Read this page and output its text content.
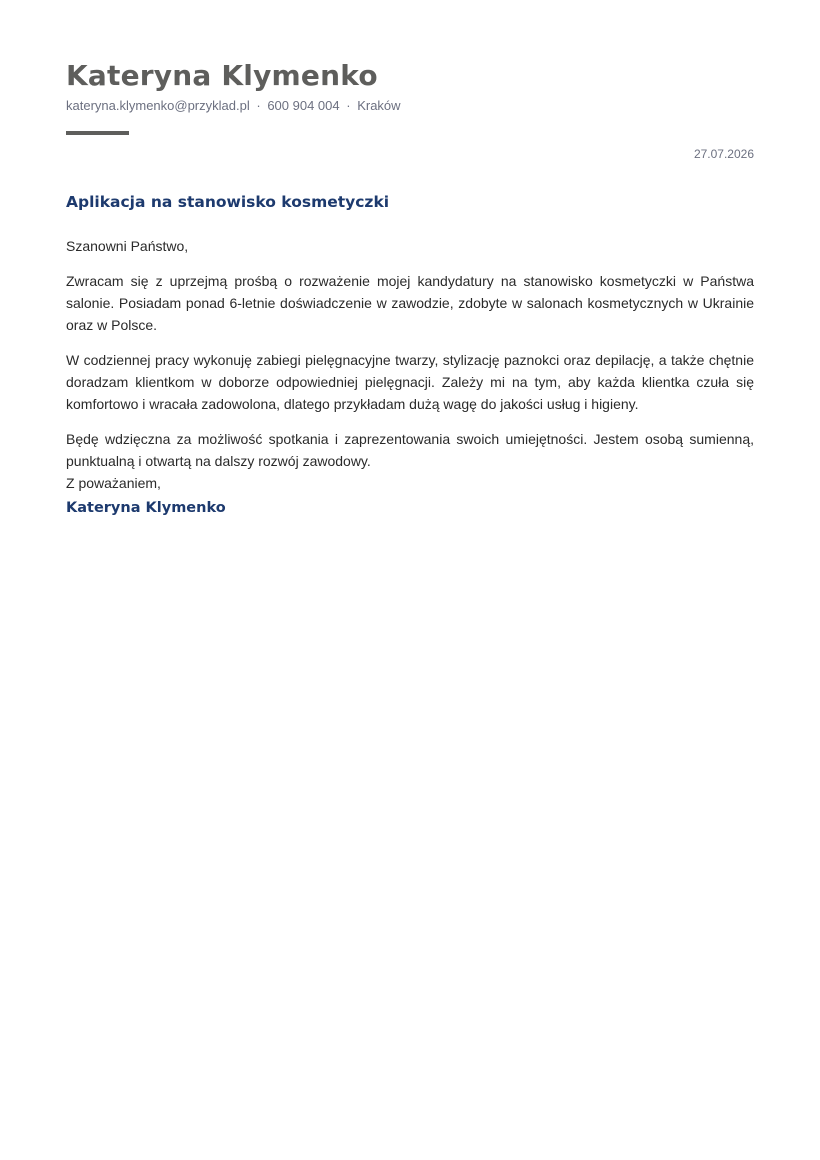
Kateryna Klymenko
kateryna.klymenko@przyklad.pl · 600 904 004 · Kraków
27.07.2026
Aplikacja na stanowisko kosmetyczki

Szanowni Państwo,

Zwracam się z uprzejmą prośbą o rozważenie mojej kandydatury na stanowisko kosmetyczki w Państwa salonie. Posiadam ponad 6-letnie doświadczenie w zawodzie, zdobyte w salonach kosmetycznych w Ukrainie oraz w Polsce.

W codziennej pracy wykonuję zabiegi pielęgnacyjne twarzy, stylizację paznokci oraz depilację, a także chętnie doradzam klientkom w doborze odpowiedniej pielęgnacji. Zależy mi na tym, aby każda klientka czuła się komfortowo i wracała zadowolona, dlatego przykładam dużą wagę do jakości usług i higieny.

Będę wdzięczna za możliwość spotkania i zaprezentowania swoich umiejętności. Jestem osobą sumienną, punktualną i otwartą na dalszy rozwój zawodowy.

Z poważaniem,
Kateryna Klymenko
